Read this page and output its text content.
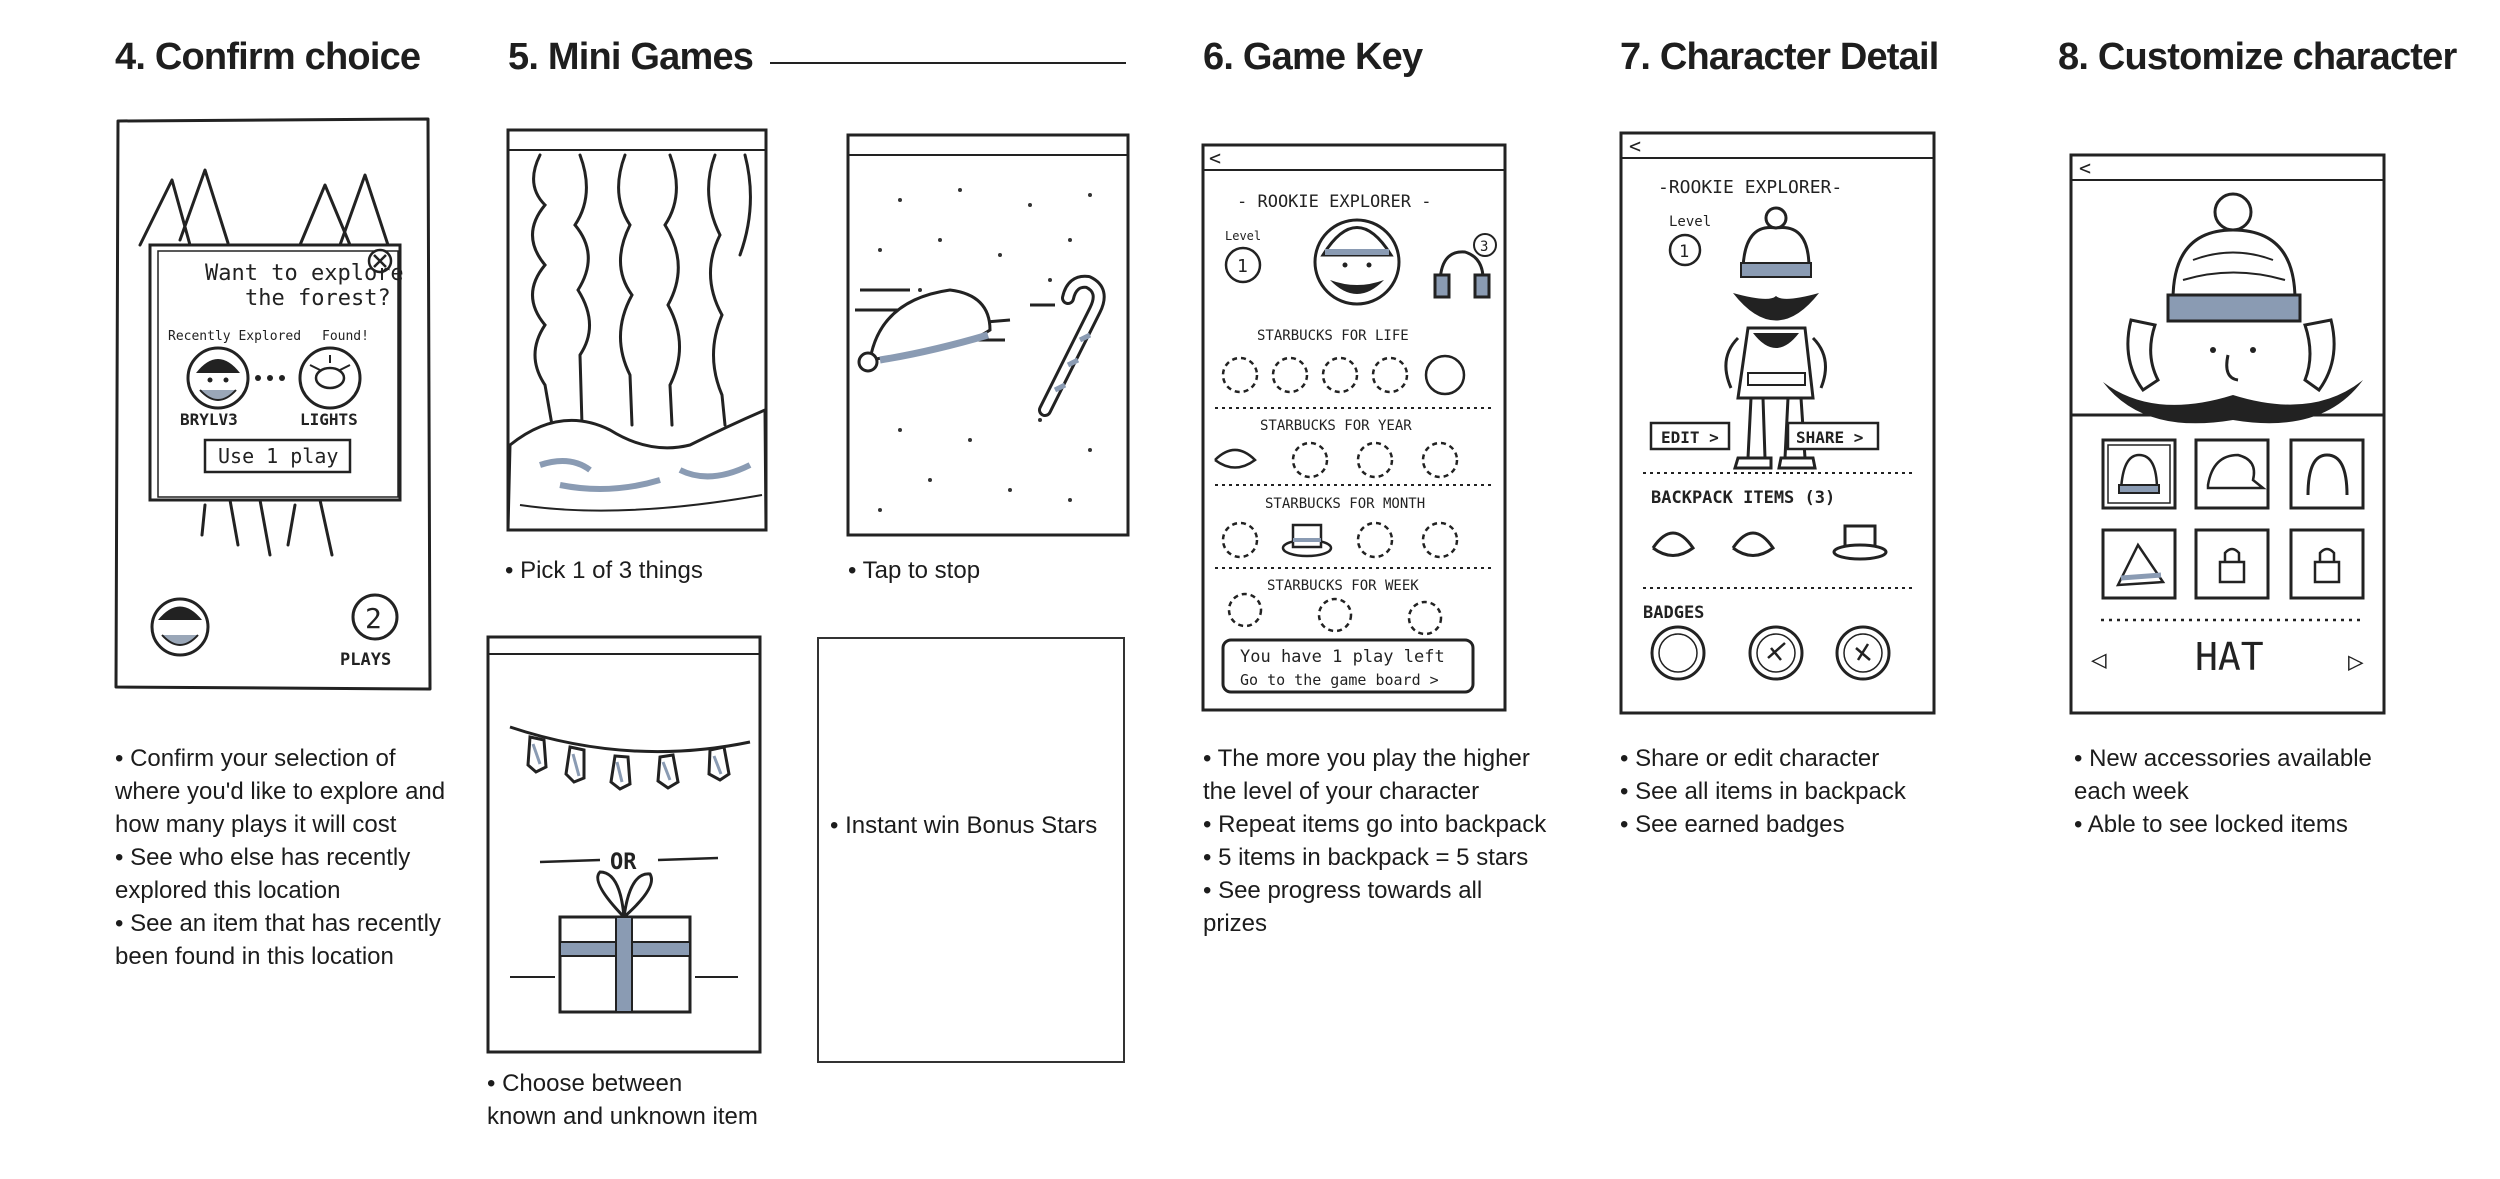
4. Confirm choice 5. Mini Games	6. Game Key	7. Character Detail	8. Customize character
Want to explore
the forest?
Recently Explored Found!
BRYLV3	LIGHTS
Use 1 play
2
PLAYS
• Confirm your selection of
where you'd like to explore and
how many plays it will cost
• See who else has recently
explored this location
• See an item that has recently
been found in this location
• Pick 1 of 3 things	• Tap to stop
OR
• Choose between
known and unknown item
• Instant win Bonus Stars
<
- ROOKIE EXPLORER -
Level
1
3
STARBUCKS FOR LIFE
STARBUCKS FOR YEAR
STARBUCKS FOR MONTH
STARBUCKS FOR WEEK
You have 1 play left
Go to the game board >
• The more you play the higher
the level of your character
• Repeat items go into backpack
• 5 items in backpack = 5 stars
• See progress towards all
prizes
<
-ROOKIE EXPLORER-
Level
1
EDIT >	SHARE >
BACKPACK ITEMS (3)
BADGES
• Share or edit character
• See all items in backpack
• See earned badges
<
◁ HAT	▷
• New accessories available
each week
• Able to see locked items
